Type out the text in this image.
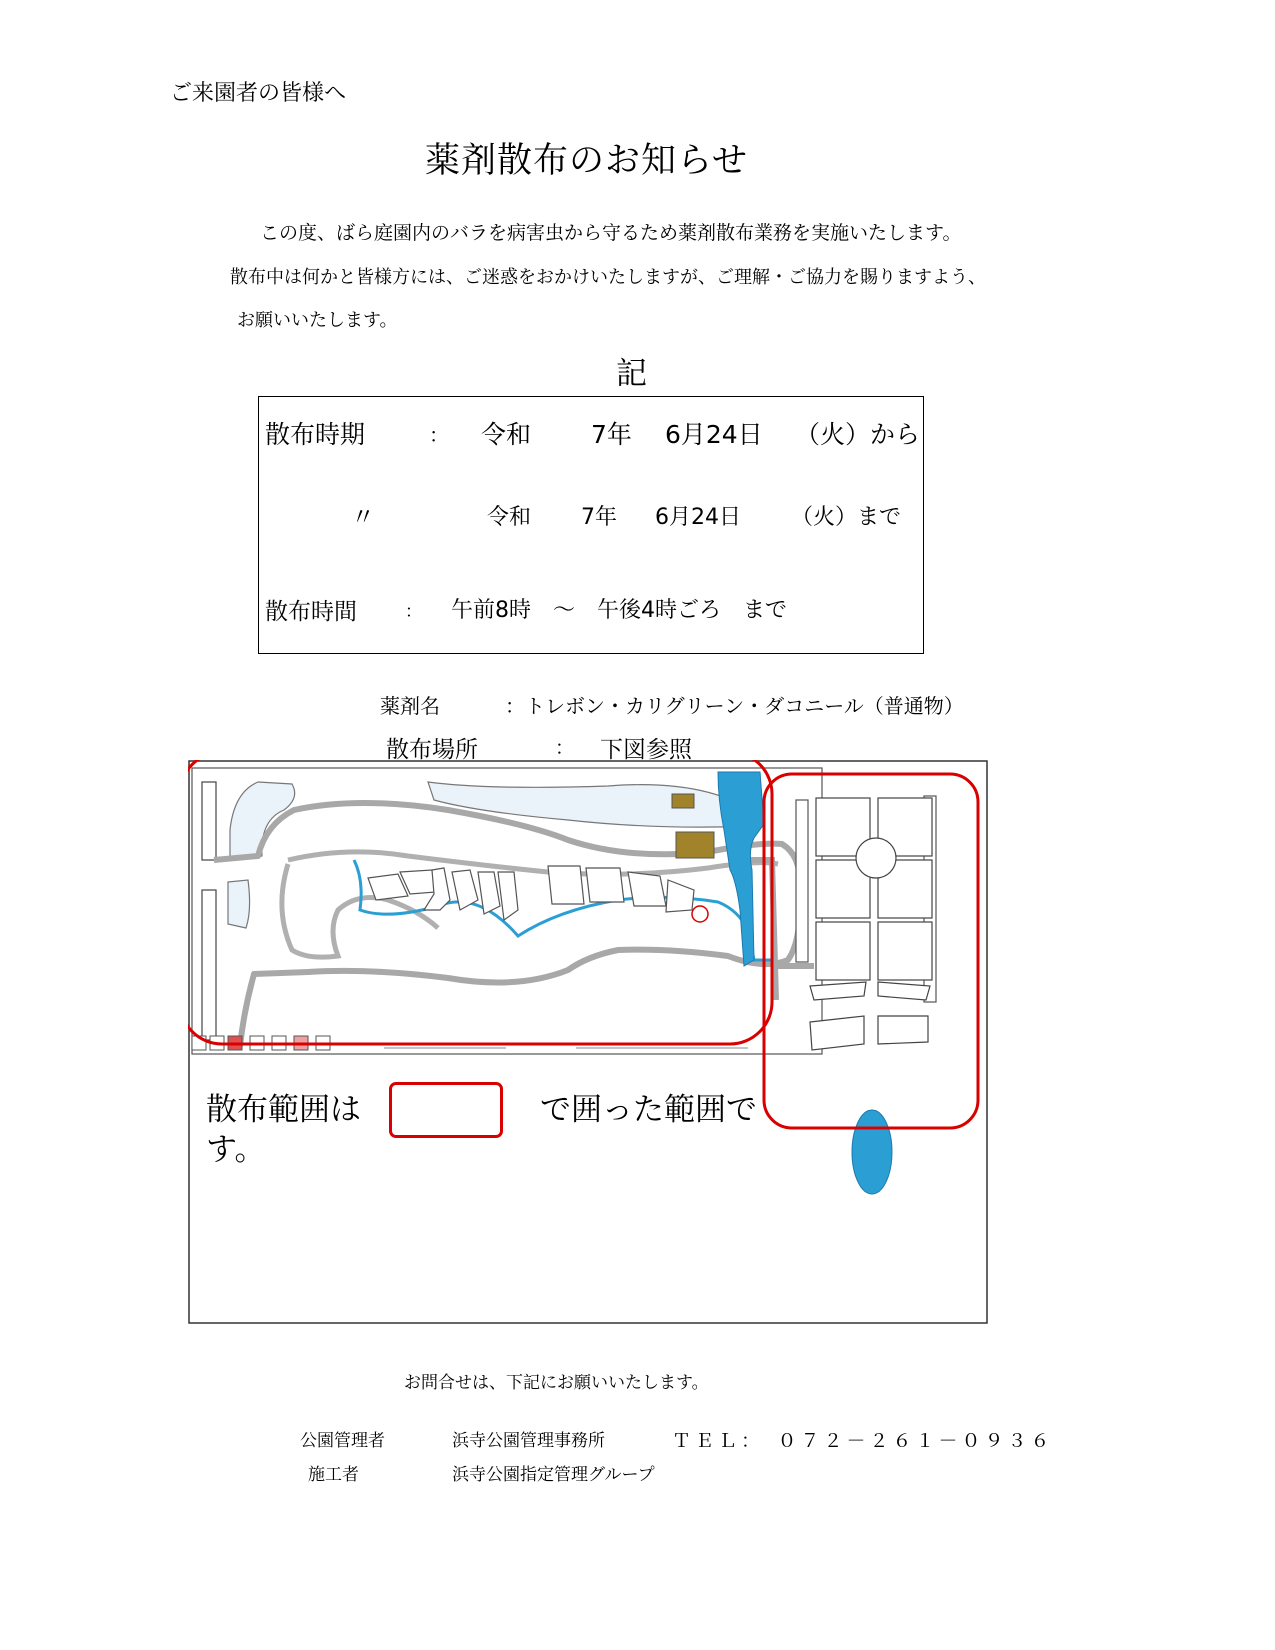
ご来園者の皆様へ
薬剤散布のお知らせ
この度、ばら庭園内のバラを病害虫から守るため薬剤散布業務を実施いたします。
散布中は何かと皆様方には、ご迷惑をおかけいたしますが、ご理解・ご協力を賜りますよう、
お願いいたします。
記
散布時期	： 令和 7年 6月24日 （火）から
〃	令和 7年 6月24日 （火）まで
散布時間	： 午前8時　～　午後4時ごろ　まで
薬剤名	：トレボン・カリグリーン・ダコニール（普通物）
散布場所	： 下図参照
散布範囲は	で囲った範囲で
す。
お問合せは、下記にお願いいたします。
公園管理者	浜寺公園管理事務所	ＴＥＬ：　０７２－２６１－０９３６
施工者	浜寺公園指定管理グループ
